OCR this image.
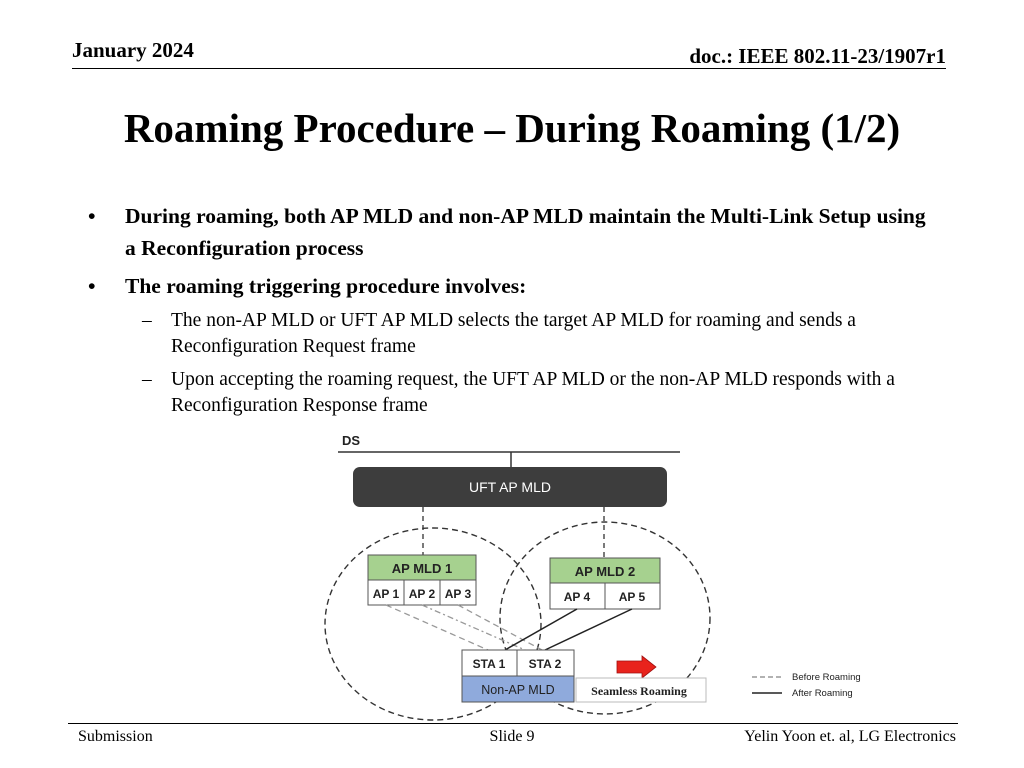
January 2024	doc.: IEEE 802.11-23/1907r1
Roaming Procedure – During Roaming (1/2)
• During roaming, both AP MLD and non-AP MLD maintain the Multi-Link Setup using a Reconfiguration process
• The roaming triggering procedure involves:
– The non-AP MLD or UFT AP MLD selects the target AP MLD for roaming and sends a Reconfiguration Request frame
– Upon accepting the roaming request, the UFT AP MLD or the non-AP MLD responds with a Reconfiguration Response frame
DS
UFT AP MLD
AP MLD 1
AP 1 AP 2 AP 3
AP MLD 2
AP 4 AP 5
STA 1 STA 2
Non-AP MLD	Seamless Roaming
Before Roaming
After Roaming
Submission	Slide 9	Yelin Yoon et. al, LG Electronics
